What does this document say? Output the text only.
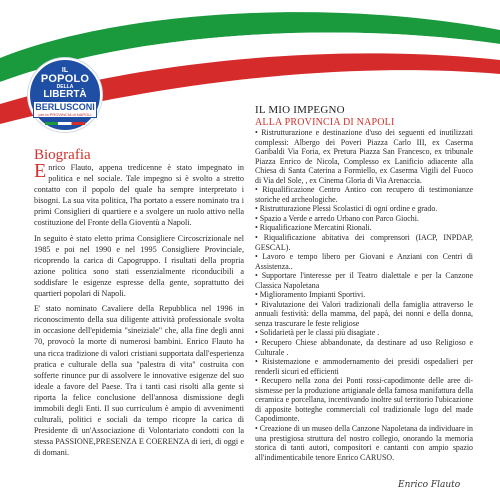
IL
POPOLO
DELLA
LIBERTÀ
BERLUSCONI
per la PROVINCIA di NAPOLI
Biografia

Enrico Flauto, appena tredicenne è stato impegnato in politica e nel sociale. Tale impegno si è svolto a stretto contatto con il popolo del quale ha sempre interpretato i bisogni. La sua vita politica, l'ha portato a essere nominato tra i primi Consiglieri di quartiere e a svolgere un ruolo attivo nella costituzione del Fronte della Gioventù a Napoli.

In seguito è stato eletto prima Consigliere Circoscrizionale nel 1985 e poi nel 1990 e nel 1995 Consigliere Provinciale, ricoprendo la carica di Capogruppo. I risultati della propria azione politica sono stati essenzialmente riconducibili a soddisfare le esigenze espresse della gente, soprattutto dei quartieri popolari di Napoli.

E' stato nominato Cavaliere della Repubblica nel 1996 in riconoscimento della sua diligente attività professionale svolta in occasione dell'epidemia "sineiziale" che, alla fine degli anni 70, provocò la morte di numerosi bambini. Enrico Flauto ha una ricca tradizione di valori cristiani supportata dall'esperienza pratica e culturale della sua "palestra di vita" costruita con sofferte rinunce pur di assolvere le innovative esigenze del suo ideale a favore del Paese. Tra i tanti casi risolti alla gente si riporta la felice conclusione dell'annosa dismissione degli immobili degli Enti. Il suo curriculum è ampio di avvenimenti culturali, politici e sociali da tempo ricopre la carica di Presidente di un'Associazione di Volontariato condotti con la stessa PASSIONE,PRESENZA E COERENZA di ieri, di oggi e di domani.

IL MIO IMPEGNO
ALLA PROVINCIA DI NAPOLI
• Ristrutturazione e destinazione d'uso dei seguenti ed inutilizzati complessi: Albergo dei Poveri Piazza Carlo III, ex Caserma Garibaldi Via Foria, ex Pretura Piazza San Francesco, ex tribunale Piazza Enrico de Nicola, Complesso ex Lanificio adiacente alla Chiesa di Santa Caterina a Formiello, ex Caserma Vigili del Fuoco di Via del Sole, , ex Cinema Gloria di Via Arenaccia.
• Riqualificazione Centro Antico con recupero di testimonianze storiche ed archeologiche.
• Ristrutturazione Plessi Scolastici di ogni ordine e grado.
• Spazio a Verde e arredo Urbano con Parco Giochi.
• Riqualificazione Mercatini Rionali.
• Riqualificazione abitativa dei comprensori (IACP, INPDAP, GESCAL).
• Lavoro e tempo libero per Giovani e Anziani con Centri di Assistenza..
• Supportare l'interesse per il Teatro dialettale e per la Canzone Classica Napoletana
• Miglioramento Impianti Sportivi.
• Rivalutazione dei Valori tradizionali della famiglia attraverso le annuali festività: della mamma, del papà, dei nonni e della donna, senza trascurare le feste religiose
• Solidarietà per le classi più disagiate .
• Recupero Chiese abbandonate, da destinare ad uso Religioso e Culturale .
• Risistemazione e ammodernamento dei presidi ospedalieri per renderli sicuri ed efficienti
• Recupero nella zona dei Ponti rossi-capodimonte delle aree di-sismesse per la produzione artigianale della famosa manifattura della ceramica e porcellana, incentivando inoltre sul territorio l'ubicazione di apposite botteghe commerciali col tradizionale logo del made Capodimonte.
• Creazione di un museo della Canzone Napoletana da individuare in una prestigiosa struttura del nostro collegio, onorando la memoria storica di tanti autori, compositori e cantanti con ampio spazio all'indimenticabile tenore Enrico CARUSO.
Enrico Flauto
